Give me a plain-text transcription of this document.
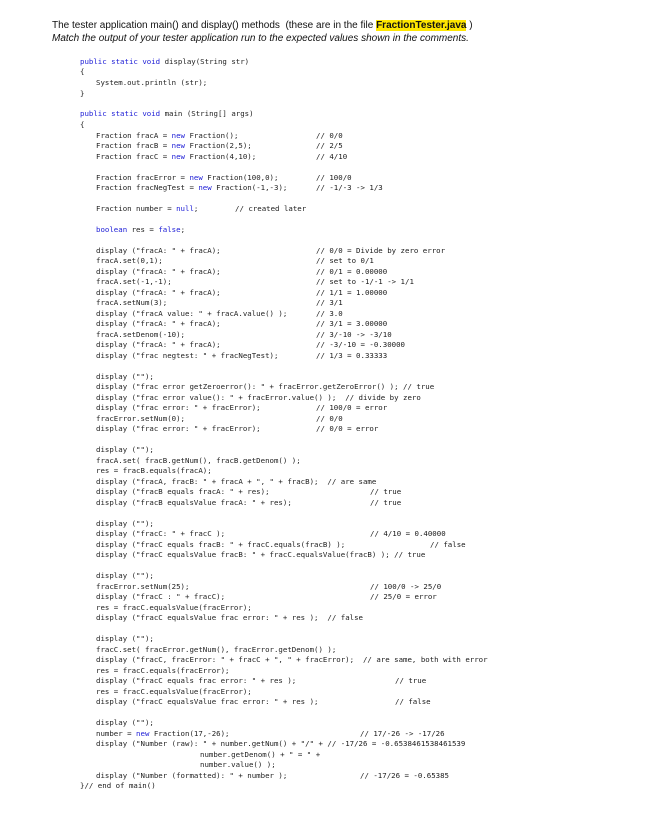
The tester application main() and display() methods  (these are in the file FractionTester.java )
Match the output of your tester application run to the expected values shown in the comments.
public static void display(String str)
{
System.out.println (str);
}
public static void main (String[] args)
{
Fraction fracA = new Fraction();	// 0/0
Fraction fracB = new Fraction(2,5);	// 2/5
Fraction fracC = new Fraction(4,10);	// 4/10
Fraction fracError = new Fraction(100,0);	// 100/0
Fraction fracNegTest = new Fraction(-1,-3);	// -1/-3 -> 1/3
Fraction number = null;	// created later
boolean res = false;
display ("fracA: " + fracA);	// 0/0 = Divide by zero error
fracA.set(0,1);	// set to 0/1
display ("fracA: " + fracA);	// 0/1 = 0.00000
fracA.set(-1,-1);	// set to -1/-1 -> 1/1
display ("fracA: " + fracA);	// 1/1 = 1.00000
fracA.setNum(3);	// 3/1
display ("fracA value: " + fracA.value() );	// 3.0
display ("fracA: " + fracA);	// 3/1 = 3.00000
fracA.setDenom(-10);	// 3/-10 -> -3/10
display ("fracA: " + fracA);	// -3/-10 = -0.30000
display ("frac negtest: " + fracNegTest);	// 1/3 = 0.33333
display ("");
display ("frac error getZeroerror(): " + fracError.getZeroError() ); // true
display ("frac error value(): " + fracError.value() );  // divide by zero
display ("frac error: " + fracError);	// 100/0 = error
fracError.setNum(0);	// 0/0
display ("frac error: " + fracError);	// 0/0 = error
display ("");
fracA.set( fracB.getNum(), fracB.getDenom() );
res = fracB.equals(fracA);
display ("fracA, fracB: " + fracA + ", " + fracB);  // are same
display ("fracB equals fracA: " + res);	// true
display ("fracB equalsValue fracA: " + res);	// true
display ("");
display ("fracC: " + fracC );	// 4/10 = 0.40000
display ("fracC equals fracB: " + fracC.equals(fracB) );	// false
display ("fracC equalsValue fracB: " + fracC.equalsValue(fracB) ); // true
display ("");
fracError.setNum(25);	// 100/0 -> 25/0
display ("fracC : " + fracC);	// 25/0 = error
res = fracC.equalsValue(fracError);
display ("fracC equalsValue frac error: " + res );  // false
display ("");
fracC.set( fracError.getNum(), fracError.getDenom() );
display ("fracC, fracError: " + fracC + ", " + fracError);  // are same, both with error
res = fracC.equals(fracError);
display ("fracC equals frac error: " + res );	// true
res = fracC.equalsValue(fracError);
display ("fracC equalsValue frac error: " + res );	// false
display ("");
number = new Fraction(17,-26);	// 17/-26 -> -17/26
display ("Number (raw): " + number.getNum() + "/" + // -17/26 = -0.6538461538461539
number.getDenom() + " = " +
number.value() );
display ("Number (formatted): " + number );	// -17/26 = -0.65385
}// end of main()
